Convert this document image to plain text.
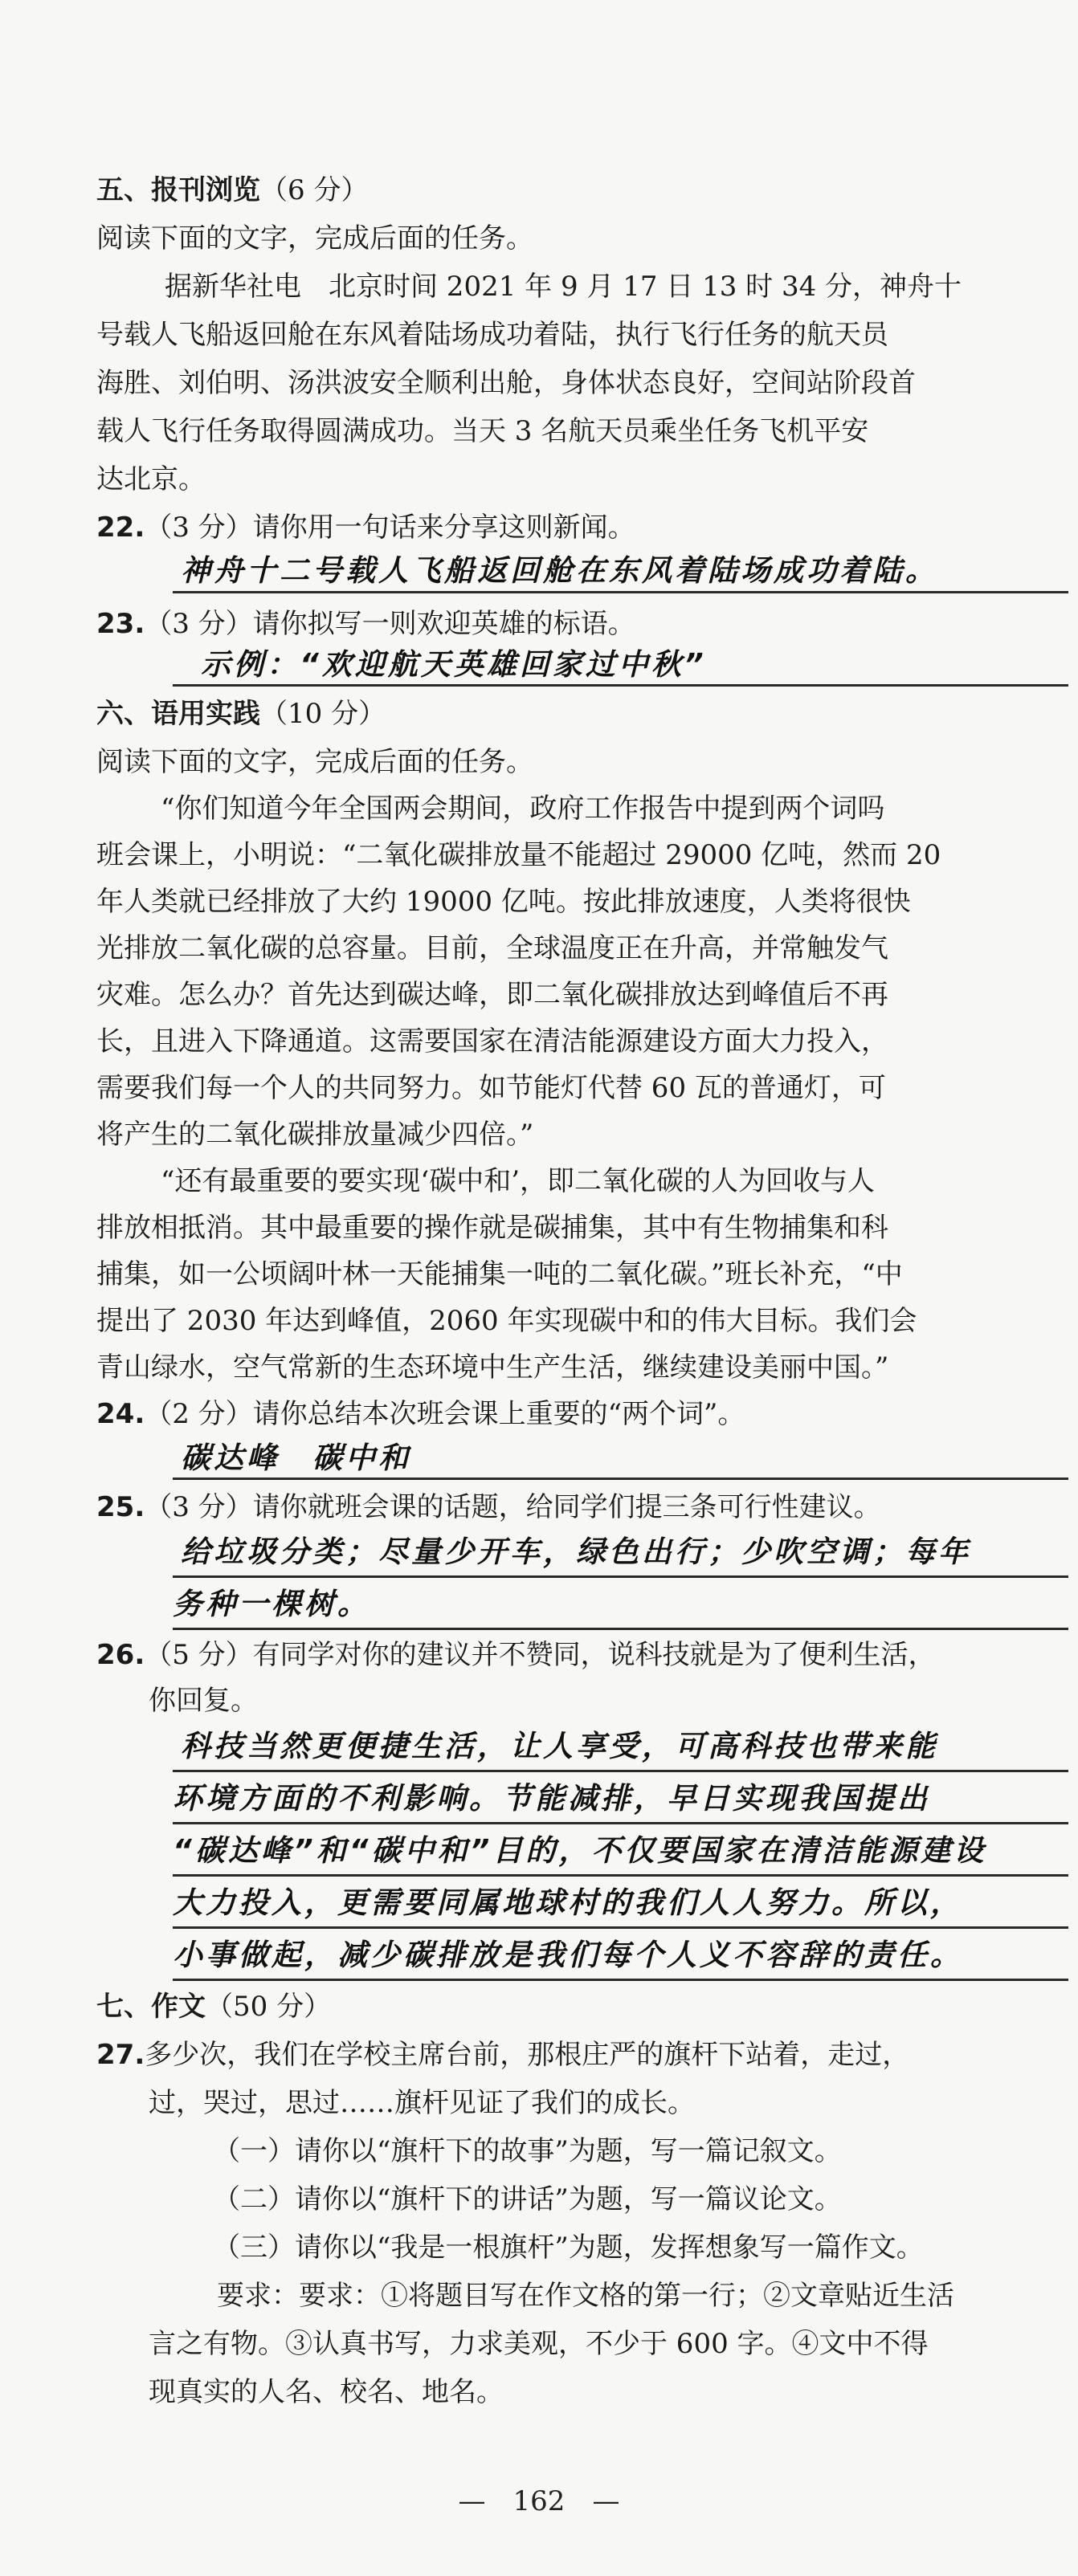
五、报刊浏览（6 分）
阅读下面的文字，完成后面的任务。
据新华社电　北京时间 2021 年 9 月 17 日 13 时 34 分，神舟十
号载人飞船返回舱在东风着陆场成功着陆，执行飞行任务的航天员
海胜、刘伯明、汤洪波安全顺利出舱，身体状态良好，空间站阶段首
载人飞行任务取得圆满成功。当天 3 名航天员乘坐任务飞机平安
达北京。
22.（3 分）请你用一句话来分享这则新闻。
神舟十二号载人飞船返回舱在东风着陆场成功着陆。
23.（3 分）请你拟写一则欢迎英雄的标语。
示例：“欢迎航天英雄回家过中秋”
六、语用实践（10 分）
阅读下面的文字，完成后面的任务。
“你们知道今年全国两会期间，政府工作报告中提到两个词吗
班会课上，小明说：“二氧化碳排放量不能超过 29000 亿吨，然而 20
年人类就已经排放了大约 19000 亿吨。按此排放速度，人类将很快
光排放二氧化碳的总容量。目前，全球温度正在升高，并常触发气
灾难。怎么办？首先达到碳达峰，即二氧化碳排放达到峰值后不再
长，且进入下降通道。这需要国家在清洁能源建设方面大力投入，
需要我们每一个人的共同努力。如节能灯代替 60 瓦的普通灯，可
将产生的二氧化碳排放量减少四倍。”
“还有最重要的要实现‘碳中和’，即二氧化碳的人为回收与人
排放相抵消。其中最重要的操作就是碳捕集，其中有生物捕集和科
捕集，如一公顷阔叶林一天能捕集一吨的二氧化碳。”班长补充，“中
提出了 2030 年达到峰值，2060 年实现碳中和的伟大目标。我们会
青山绿水，空气常新的生态环境中生产生活，继续建设美丽中国。”
24.（2 分）请你总结本次班会课上重要的“两个词”。
碳达峰　碳中和
25.（3 分）请你就班会课的话题，给同学们提三条可行性建议。
给垃圾分类；尽量少开车，绿色出行；少吹空调；每年
务种一棵树。
26.（5 分）有同学对你的建议并不赞同，说科技就是为了便利生活，
你回复。
科技当然更便捷生活，让人享受，可高科技也带来能
环境方面的不利影响。节能减排，早日实现我国提出
“碳达峰”和“碳中和”目的，不仅要国家在清洁能源建设
大力投入，更需要同属地球村的我们人人努力。所以，
小事做起，减少碳排放是我们每个人义不容辞的责任。
七、作文（50 分）
27.多少次，我们在学校主席台前，那根庄严的旗杆下站着，走过，
过，哭过，思过……旗杆见证了我们的成长。
（一）请你以“旗杆下的故事”为题，写一篇记叙文。
（二）请你以“旗杆下的讲话”为题，写一篇议论文。
（三）请你以“我是一根旗杆”为题，发挥想象写一篇作文。
要求：要求：①将题目写在作文格的第一行；②文章贴近生活
言之有物。③认真书写，力求美观，不少于 600 字。④文中不得
现真实的人名、校名、地名。
—　162　—
